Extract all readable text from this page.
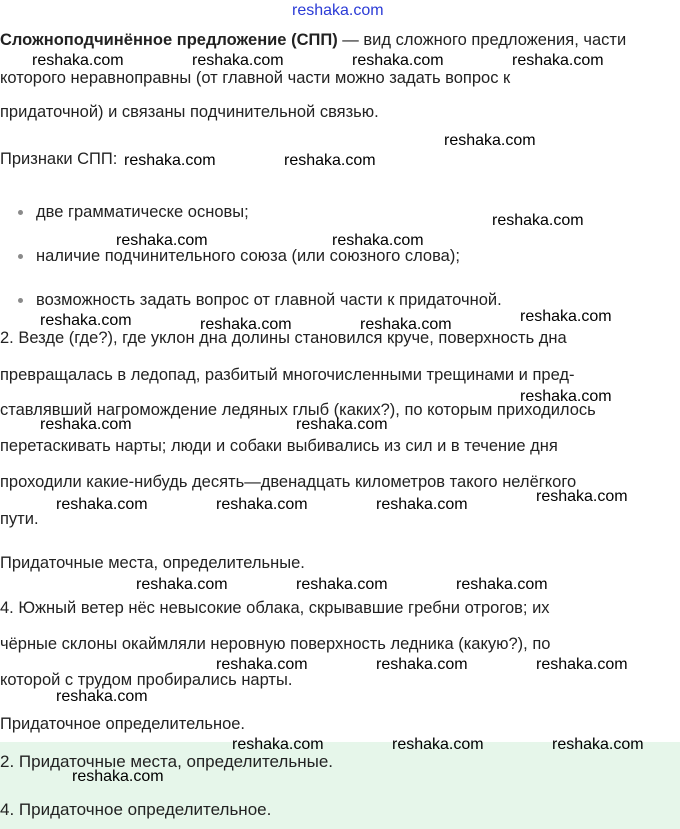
reshaka.com
Сложноподчинённое предложение (СПП) — вид сложного предложения, части
которого неравноправны (от главной части можно задать вопрос к
придаточной) и связаны подчинительной связью.
Признаки СПП:
две грамматическе основы;
наличие подчинительного союза (или союзного слова);
возможность задать вопрос от главной части к придаточной.
2. Везде (где?), где уклон дна долины становился круче, поверхность дна
превращалась в ледопад, разбитый многочисленными трещинами и пред-
ставлявший нагромождение ледяных глыб (каких?), по которым приходилось
перетаскивать нарты; люди и собаки выбивались из сил и в течение дня
проходили какие-нибудь десять—двенадцать километров такого нелёгкого
пути.
Придаточные места, определительные.
4. Южный ветер нёс невысокие облака, скрывавшие гребни отрогов; их
чёрные склоны окаймляли неровную поверхность ледника (какую?), по
которой с трудом пробирались нарты.
Придаточное определительное.
2. Придаточные места, определительные.
4. Придаточное определительное.
reshaka.com	reshaka.com	reshaka.com	reshaka.com
reshaka.com
reshaka.com	reshaka.com
reshaka.com
reshaka.com	reshaka.com
reshaka.com
reshaka.com	reshaka.com	reshaka.com
reshaka.com
reshaka.com	reshaka.com
reshaka.com
reshaka.com	reshaka.com	reshaka.com
reshaka.com	reshaka.com	reshaka.com
reshaka.com	reshaka.com	reshaka.com
reshaka.com
reshaka.com	reshaka.com	reshaka.com
reshaka.com
